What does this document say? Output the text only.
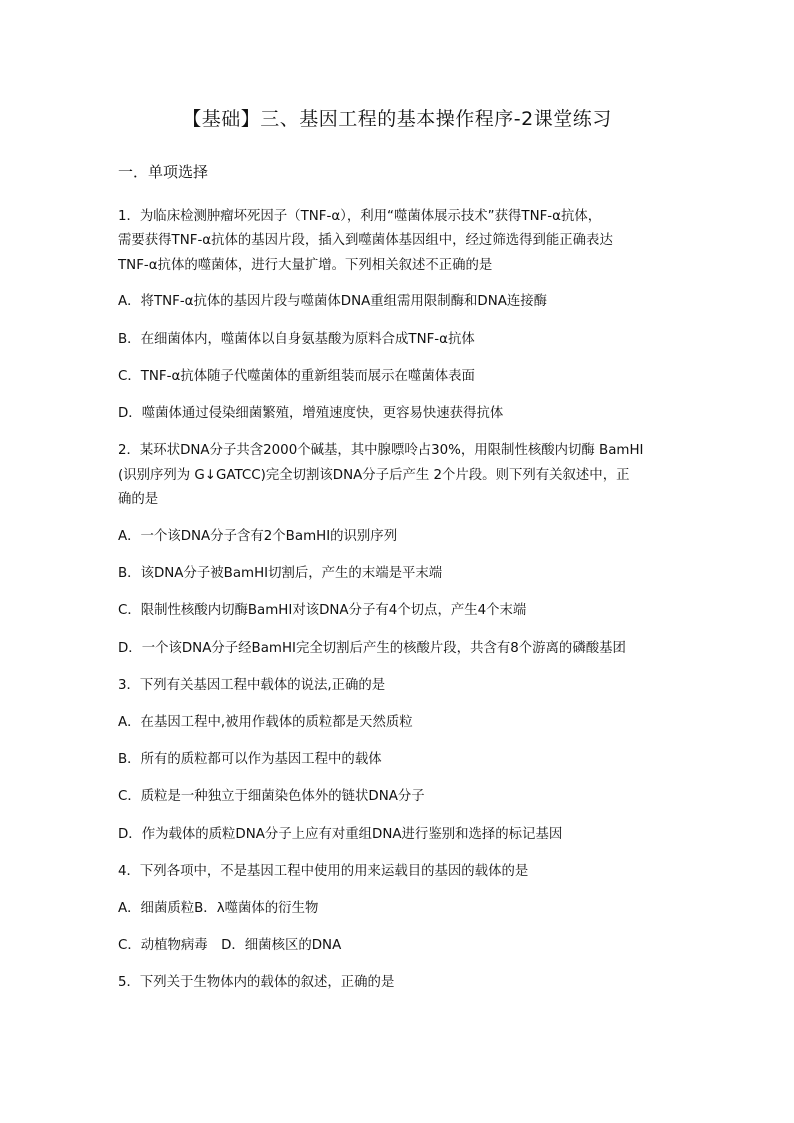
【基础】三、基因工程的基本操作程序-2课堂练习
一．单项选择
1．为临床检测肿瘤坏死因子（TNF-α），利用“噬菌体展示技术”获得TNF-α抗体，
需要获得TNF-α抗体的基因片段，插入到噬菌体基因组中，经过筛选得到能正确表达
TNF-α抗体的噬菌体，进行大量扩增。下列相关叙述不正确的是
A．将TNF-α抗体的基因片段与噬菌体DNA重组需用限制酶和DNA连接酶
B．在细菌体内，噬菌体以自身氨基酸为原料合成TNF-α抗体
C．TNF-α抗体随子代噬菌体的重新组装而展示在噬菌体表面
D．噬菌体通过侵染细菌繁殖，增殖速度快，更容易快速获得抗体
2．某环状DNA分子共含2000个碱基，其中腺嘌呤占30%，用限制性核酸内切酶 BamHⅠ
(识别序列为 G↓GATCC)完全切割该DNA分子后产生 2个片段。则下列有关叙述中，正
确的是
A．一个该DNA分子含有2个BamHⅠ的识别序列
B．该DNA分子被BamHⅠ切割后，产生的末端是平末端
C．限制性核酸内切酶BamHⅠ对该DNA分子有4个切点，产生4个末端
D．一个该DNA分子经BamHI完全切割后产生的核酸片段，共含有8个游离的磷酸基团
3．下列有关基因工程中载体的说法,正确的是
A．在基因工程中,被用作载体的质粒都是天然质粒
B．所有的质粒都可以作为基因工程中的载体
C．质粒是一种独立于细菌染色体外的链状DNA分子
D．作为载体的质粒DNA分子上应有对重组DNA进行鉴别和选择的标记基因
4．下列各项中，不是基因工程中使用的用来运载目的基因的载体的是
A．细菌质粒B．λ噬菌体的衍生物
C．动植物病毒　D．细菌核区的DNA
5．下列关于生物体内的载体的叙述，正确的是
